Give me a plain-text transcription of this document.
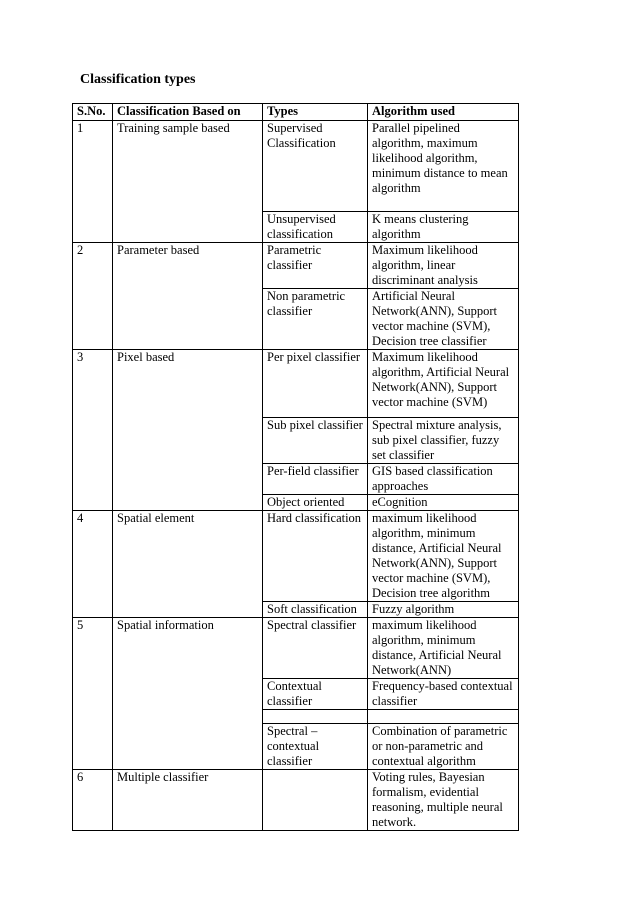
Classification types

S.No.	Classification Based on	Types	Algorithm used
1	Training sample based	Supervised Classification	Parallel pipelined algorithm, maximum likelihood algorithm, minimum distance to mean algorithm
		Unsupervised classification	K means clustering algorithm
2	Parameter based	Parametric classifier	Maximum likelihood algorithm, linear discriminant analysis
		Non parametric classifier	Artificial Neural Network(ANN), Support vector machine (SVM), Decision tree classifier
3	Pixel based	Per pixel classifier	Maximum likelihood algorithm, Artificial Neural Network(ANN), Support vector machine (SVM)
		Sub pixel classifier	Spectral mixture analysis, sub pixel classifier, fuzzy set classifier
		Per-field classifier	GIS based classification approaches
		Object oriented	eCognition
4	Spatial element	Hard classification	maximum likelihood algorithm, minimum distance, Artificial Neural Network(ANN), Support vector machine (SVM), Decision tree algorithm
		Soft classification	Fuzzy algorithm
5	Spatial information	Spectral classifier	maximum likelihood algorithm, minimum distance, Artificial Neural Network(ANN)
		Contextual classifier	Frequency-based contextual classifier

		Spectral – contextual classifier	Combination of parametric or non-parametric and contextual algorithm
6	Multiple classifier		Voting rules, Bayesian formalism, evidential reasoning, multiple neural network.
